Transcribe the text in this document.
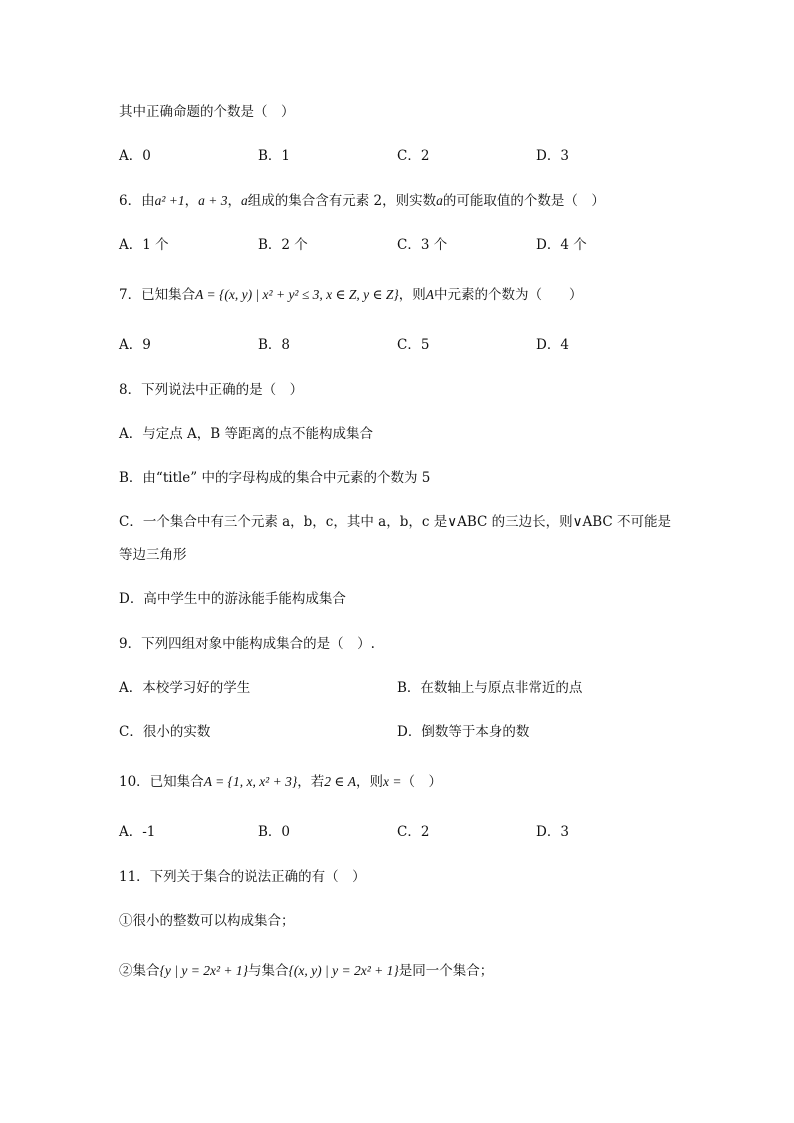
其中正确命题的个数是（　）
A．0	B．1	C．2	D．3
6．由a² +1，a + 3，a组成的集合含有元素 2，则实数a的可能取值的个数是（　）
A．1 个	B．2 个	C．3 个	D．4 个
7．已知集合A = {(x, y) | x² + y² ≤ 3, x ∈ Z, y ∈ Z}，则A中元素的个数为（　　）
A．9	B．8	C．5	D．4
8．下列说法中正确的是（　）
A．与定点 A，B 等距离的点不能构成集合
B．由“title” 中的字母构成的集合中元素的个数为 5
C．一个集合中有三个元素 a，b，c，其中 a，b，c 是∨ABC 的三边长，则∨ABC 不可能是
等边三角形
D．高中学生中的游泳能手能构成集合
9．下列四组对象中能构成集合的是（　）.
A．本校学习好的学生	B．在数轴上与原点非常近的点
C．很小的实数	D．倒数等于本身的数
10．已知集合A = {1, x, x² + 3}，若2 ∈ A，则x =（　）
A．-1	B．0	C．2	D．3
11．下列关于集合的说法正确的有（　）
①很小的整数可以构成集合；
②集合{y | y = 2x² + 1}与集合{(x, y) | y = 2x² + 1}是同一个集合；
